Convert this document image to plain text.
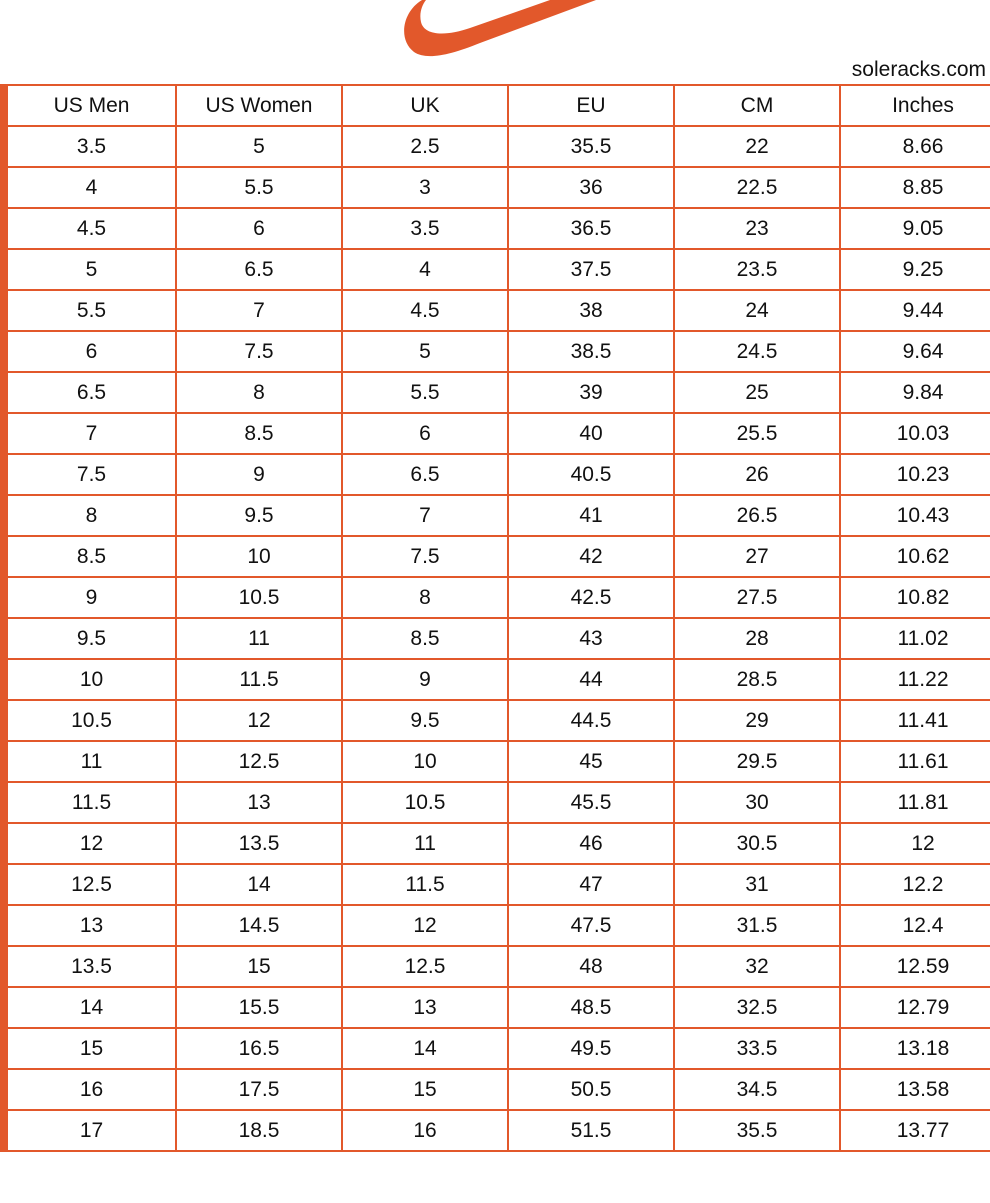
soleracks.com
US Men	US Women	UK	EU	CM	Inches
3.5	5	2.5	35.5	22	8.66
4	5.5	3	36	22.5	8.85
4.5	6	3.5	36.5	23	9.05
5	6.5	4	37.5	23.5	9.25
5.5	7	4.5	38	24	9.44
6	7.5	5	38.5	24.5	9.64
6.5	8	5.5	39	25	9.84
7	8.5	6	40	25.5	10.03
7.5	9	6.5	40.5	26	10.23
8	9.5	7	41	26.5	10.43
8.5	10	7.5	42	27	10.62
9	10.5	8	42.5	27.5	10.82
9.5	11	8.5	43	28	11.02
10	11.5	9	44	28.5	11.22
10.5	12	9.5	44.5	29	11.41
11	12.5	10	45	29.5	11.61
11.5	13	10.5	45.5	30	11.81
12	13.5	11	46	30.5	12
12.5	14	11.5	47	31	12.2
13	14.5	12	47.5	31.5	12.4
13.5	15	12.5	48	32	12.59
14	15.5	13	48.5	32.5	12.79
15	16.5	14	49.5	33.5	13.18
16	17.5	15	50.5	34.5	13.58
17	18.5	16	51.5	35.5	13.77
